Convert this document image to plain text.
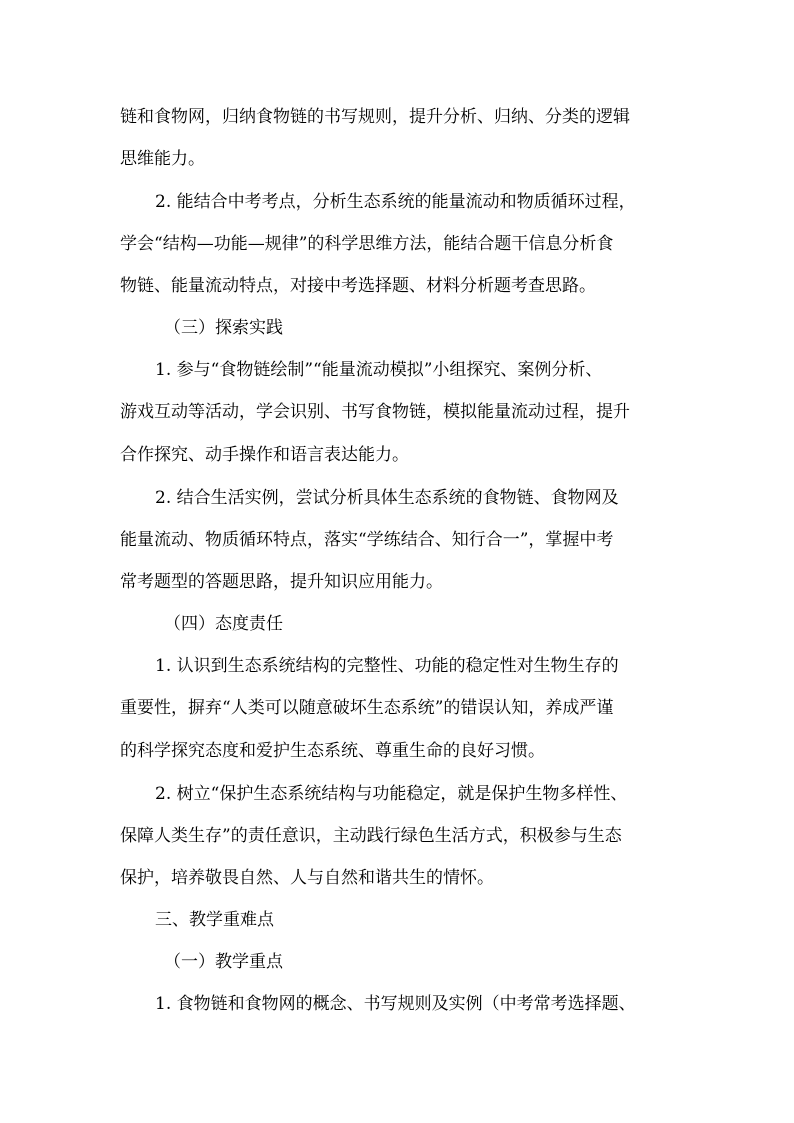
链和食物网，归纳食物链的书写规则，提升分析、归纳、分类的逻辑
思维能力。
2. 能结合中考考点，分析生态系统的能量流动和物质循环过程，
学会“结构—功能—规律”的科学思维方法，能结合题干信息分析食
物链、能量流动特点，对接中考选择题、材料分析题考查思路。
（三）探索实践
1. 参与“食物链绘制”“能量流动模拟”小组探究、案例分析、
游戏互动等活动，学会识别、书写食物链，模拟能量流动过程，提升
合作探究、动手操作和语言表达能力。
2. 结合生活实例，尝试分析具体生态系统的食物链、食物网及
能量流动、物质循环特点，落实“学练结合、知行合一”，掌握中考
常考题型的答题思路，提升知识应用能力。
（四）态度责任
1. 认识到生态系统结构的完整性、功能的稳定性对生物生存的
重要性，摒弃“人类可以随意破坏生态系统”的错误认知，养成严谨
的科学探究态度和爱护生态系统、尊重生命的良好习惯。
2. 树立“保护生态系统结构与功能稳定，就是保护生物多样性、
保障人类生存”的责任意识，主动践行绿色生活方式，积极参与生态
保护，培养敬畏自然、人与自然和谐共生的情怀。
三、教学重难点
（一）教学重点
1. 食物链和食物网的概念、书写规则及实例（中考常考选择题、
